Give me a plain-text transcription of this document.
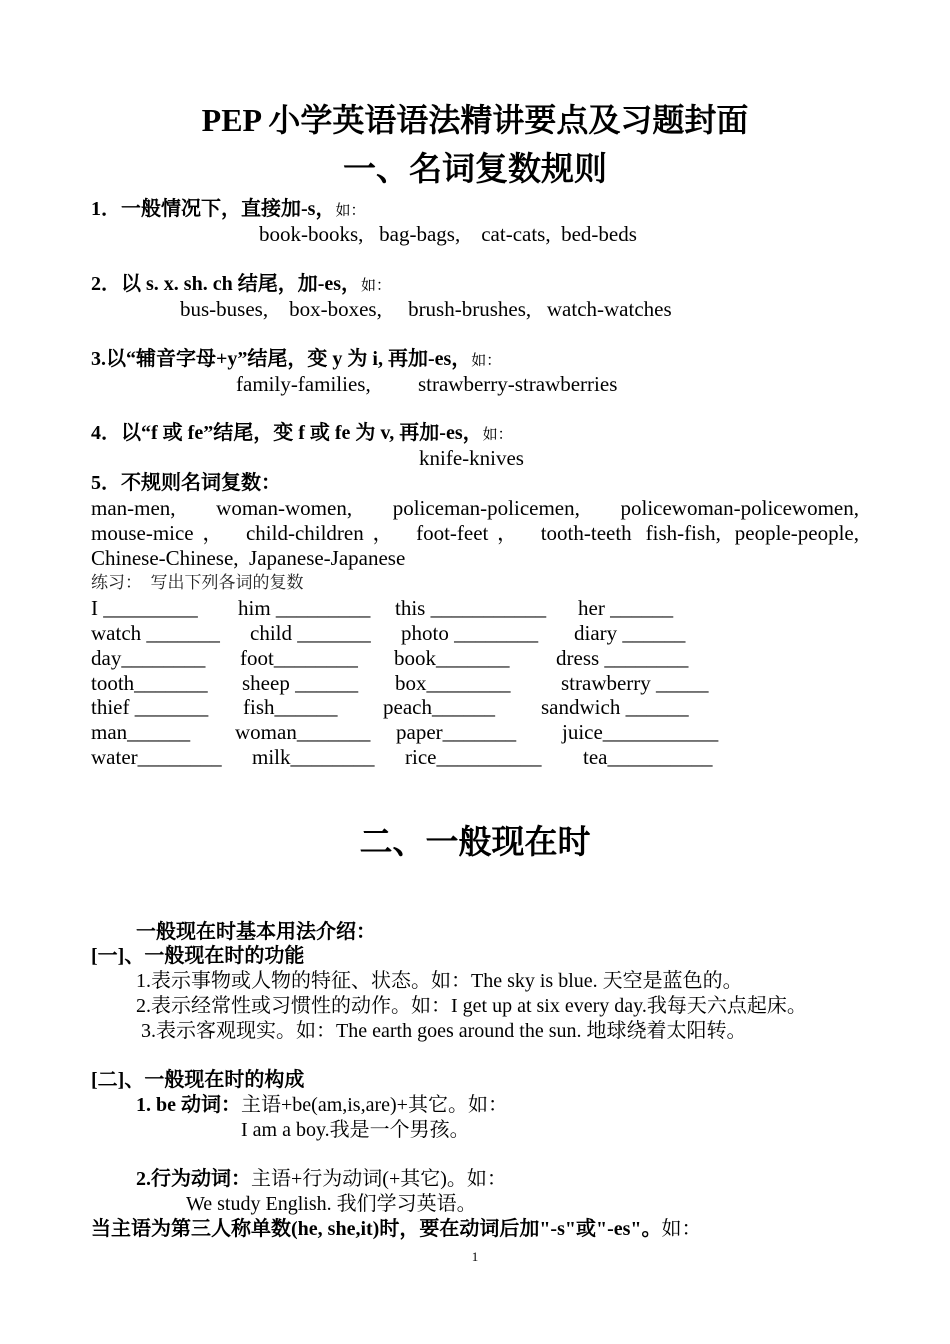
PEP 小学英语语法精讲要点及习题封面
一、名词复数规则
1．一般情况下，直接加-s，如：
book-books,   bag-bags,    cat-cats,  bed-beds
2．以 s. x. sh. ch 结尾，加-es，如：
bus-buses,    box-boxes,     brush-brushes,   watch-watches
3.以“辅音字母+y”结尾，变 y 为 i, 再加-es，如：
family-families,         strawberry-strawberries
4．以“f 或 fe”结尾，变 f 或 fe 为 v, 再加-es，如：
knife-knives
5．不规则名词复数：
man-men, woman-women, policeman-policemen, policewoman-policewomen,
mouse-mice， child-children， foot-feet， tooth-teeth fish-fish, people-people,
Chinese-Chinese,  Japanese-Japanese
练习：  写出下列各词的复数
I _________ him _________ this ___________ her ______
watch _______ child _______ photo ________ diary ______
day________ foot________ book_______ dress ________
tooth_______ sheep ______ box________ strawberry _____
thief _______ fish______ peach______ sandwich ______
man______ woman_______ paper_______ juice___________
water________ milk________ rice__________ tea__________
二、一般现在时
一般现在时基本用法介绍：
[一]、一般现在时的功能
1.表示事物或人物的特征、状态。如：The sky is blue. 天空是蓝色的。
2.表示经常性或习惯性的动作。如：I get up at six every day.我每天六点起床。
3.表示客观现实。如：The earth goes around the sun. 地球绕着太阳转。
[二]、一般现在时的构成
1. be 动词：主语+be(am,is,are)+其它。如：
I am a boy.我是一个男孩。
2.行为动词：主语+行为动词(+其它)。如：
We study English. 我们学习英语。
当主语为第三人称单数(he, she,it)时，要在动词后加"-s"或"-es"。如：
1
